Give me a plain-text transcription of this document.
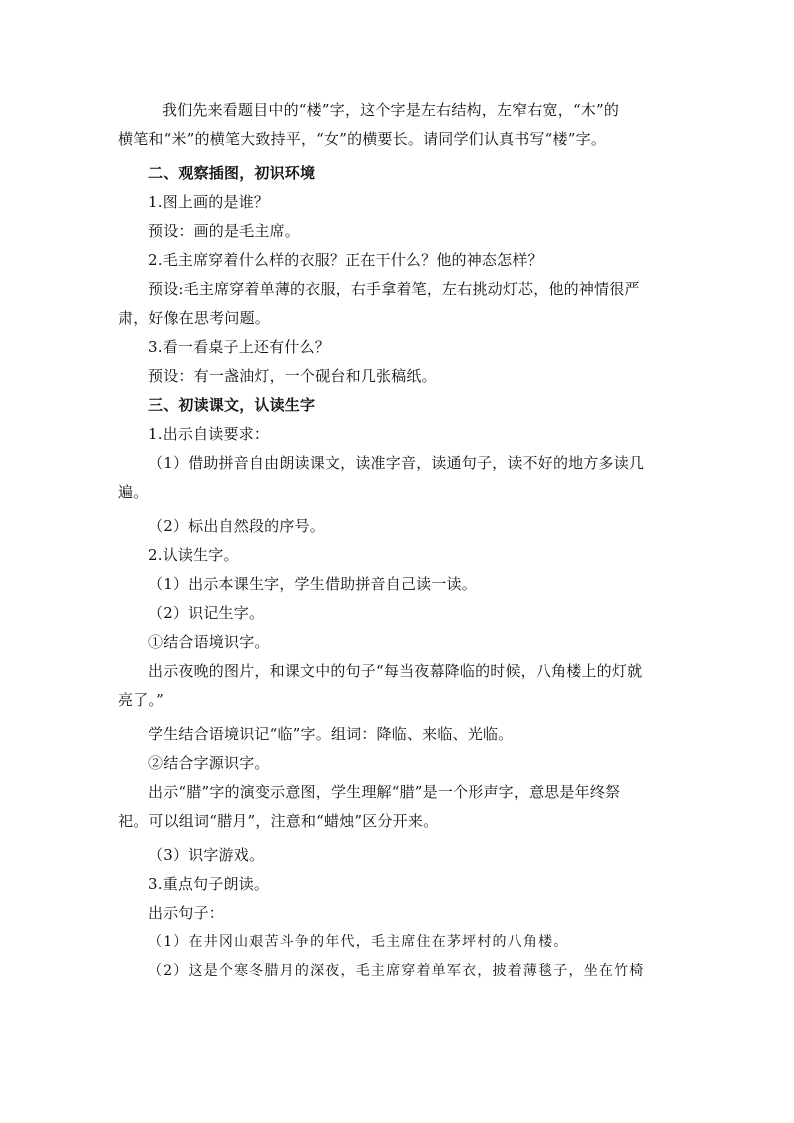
我们先来看题目中的“楼”字，这个字是左右结构，左窄右宽，“木”的
横笔和“米”的横笔大致持平，“女”的横要长。请同学们认真书写“楼”字。
二、观察插图，初识环境
1.图上画的是谁？
预设：画的是毛主席。
2.毛主席穿着什么样的衣服？正在干什么？他的神态怎样？
预设:毛主席穿着单薄的衣服，右手拿着笔，左右挑动灯芯，他的神情很严
肃，好像在思考问题。
3.看一看桌子上还有什么？
预设：有一盏油灯，一个砚台和几张稿纸。
三、初读课文，认读生字
1.出示自读要求：
（1）借助拼音自由朗读课文，读准字音，读通句子，读不好的地方多读几
遍。
（2）标出自然段的序号。
2.认读生字。
（1）出示本课生字，学生借助拼音自己读一读。
（2）识记生字。
①结合语境识字。
出示夜晚的图片，和课文中的句子“每当夜幕降临的时候，八角楼上的灯就
亮了。”
学生结合语境识记“临”字。组词：降临、来临、光临。
②结合字源识字。
出示“腊”字的演变示意图，学生理解“腊”是一个形声字，意思是年终祭
祀。可以组词“腊月”，注意和“蜡烛”区分开来。
（3）识字游戏。
3.重点句子朗读。
出示句子：
（1）在井冈山艰苦斗争的年代，毛主席住在茅坪村的八角楼。
（2）这是个寒冬腊月的深夜，毛主席穿着单军衣，披着薄毯子，坐在竹椅
